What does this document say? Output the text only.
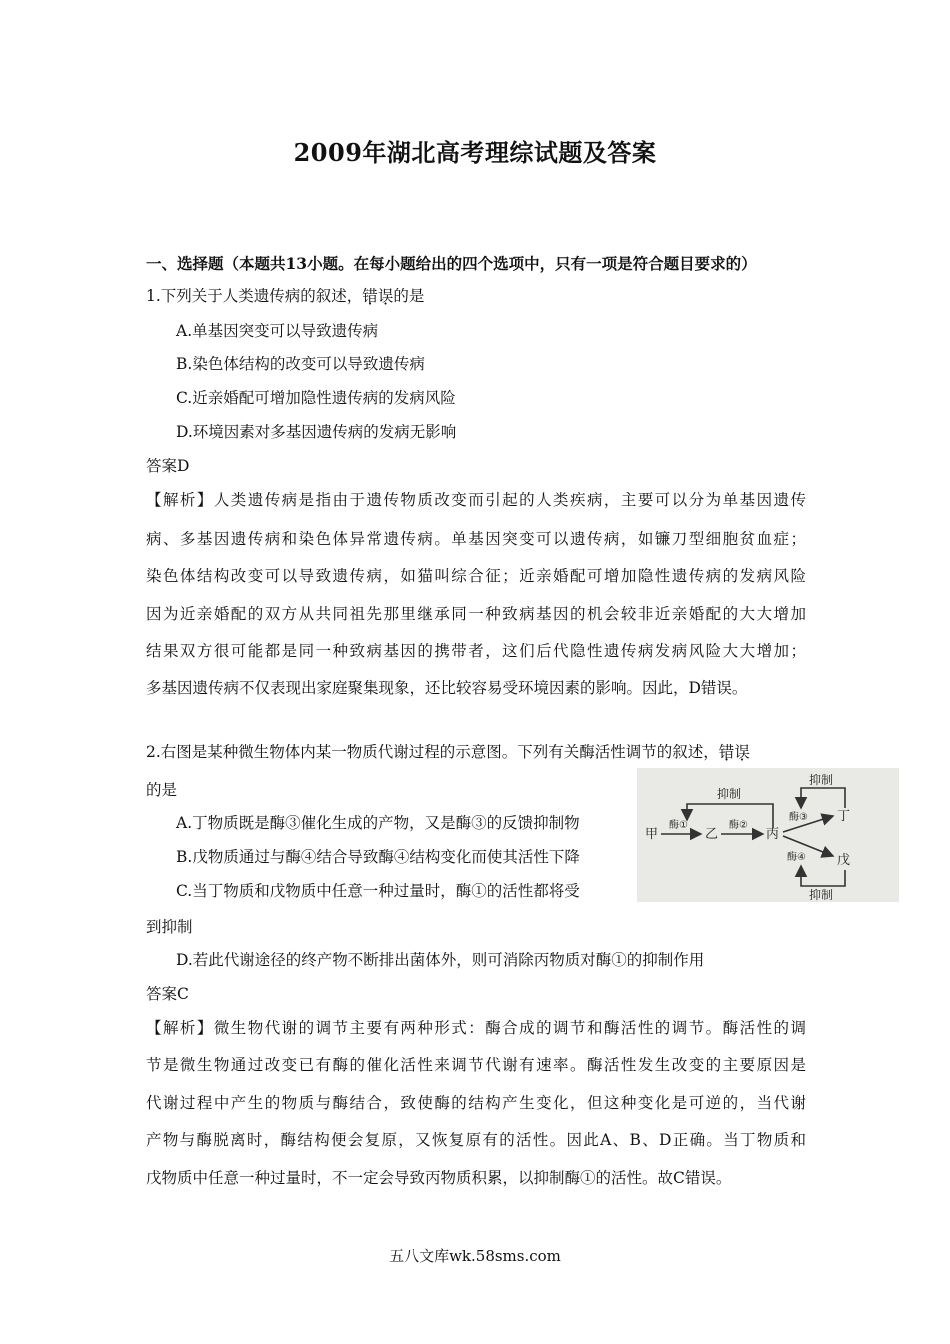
2009年湖北高考理综试题及答案
一、选择题（本题共13小题。在每小题给出的四个选项中，只有一项是符合题目要求的）
1.下列关于人类遗传病的叙述，错误的是
A.单基因突变可以导致遗传病
B.染色体结构的改变可以导致遗传病
C.近亲婚配可增加隐性遗传病的发病风险
D.环境因素对多基因遗传病的发病无影响
答案D
【解析】人类遗传病是指由于遗传物质改变而引起的人类疾病，主要可以分为单基因遗传
病、多基因遗传病和染色体异常遗传病。单基因突变可以遗传病，如镰刀型细胞贫血症；
染色体结构改变可以导致遗传病，如猫叫综合征；近亲婚配可增加隐性遗传病的发病风险
因为近亲婚配的双方从共同祖先那里继承同一种致病基因的机会较非近亲婚配的大大增加
结果双方很可能都是同一种致病基因的携带者，这们后代隐性遗传病发病风险大大增加；
多基因遗传病不仅表现出家庭聚集现象，还比较容易受环境因素的影响。因此，D错误。
2.右图是某种微生物体内某一物质代谢过程的示意图。下列有关酶活性调节的叙述，错误
的是
A.丁物质既是酶③催化生成的产物，又是酶③的反馈抑制物
B.戊物质通过与酶④结合导致酶④结构变化而使其活性下降
C.当丁物质和戊物质中任意一种过量时，酶①的活性都将受
到抑制
D.若此代谢途径的终产物不断排出菌体外，则可消除丙物质对酶①的抑制作用
答案C
【解析】微生物代谢的调节主要有两种形式：酶合成的调节和酶活性的调节。酶活性的调
节是微生物通过改变已有酶的催化活性来调节代谢有速率。酶活性发生改变的主要原因是
代谢过程中产生的物质与酶结合，致使酶的结构产生变化，但这种变化是可逆的，当代谢
产物与酶脱离时，酶结构便会复原，又恢复原有的活性。因此A、B、D正确。当丁物质和
戊物质中任意一种过量时，不一定会导致丙物质积累，以抑制酶①的活性。故C错误。
抑制
甲
酶①
乙
酶②
丙
酶③ 丁
酶④ 戊
抑制
抑制
五八文库wk.58sms.com
